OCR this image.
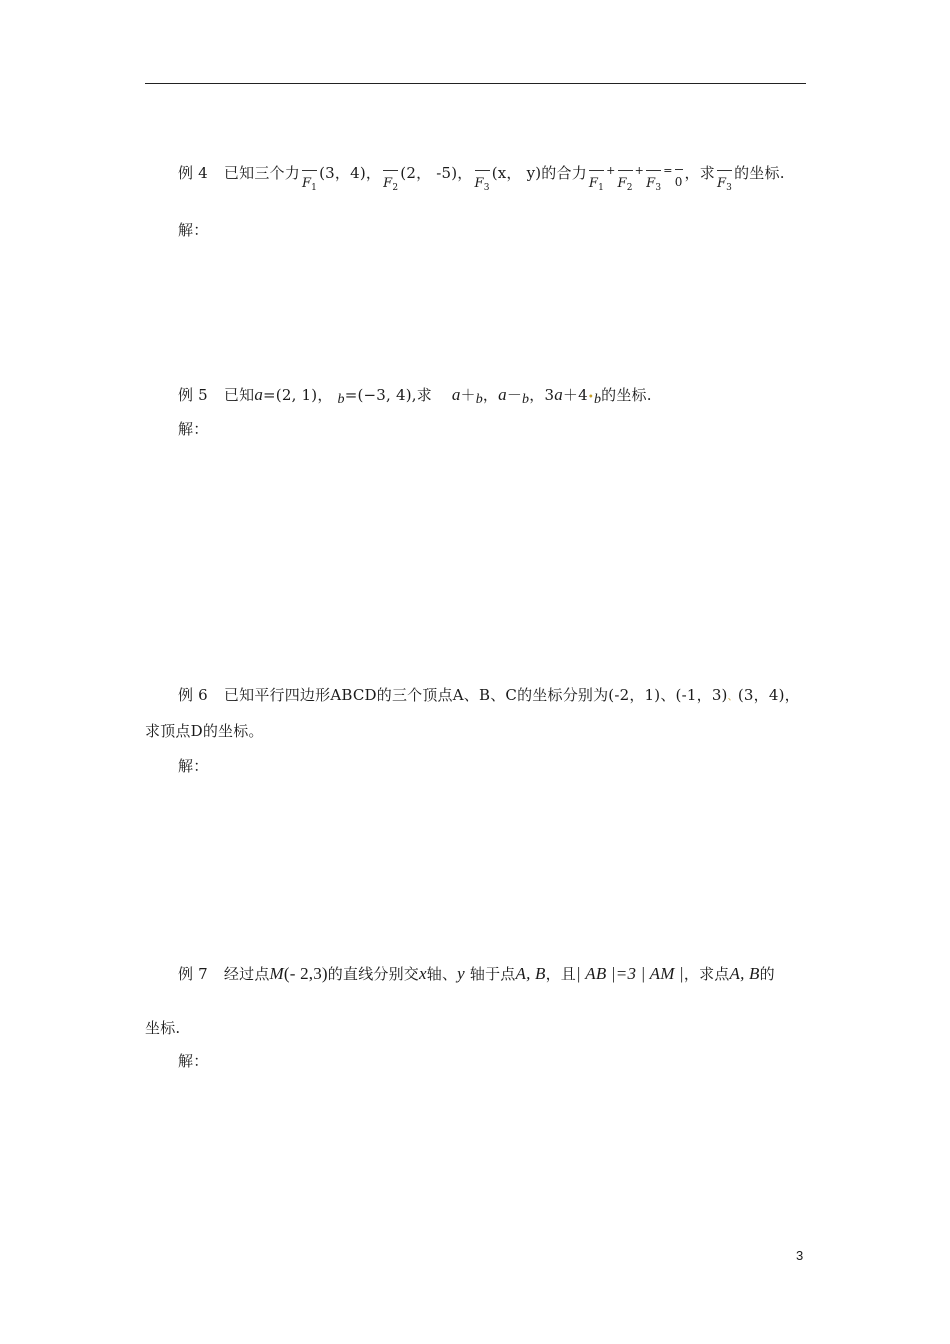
例 4 已知三个力$F_1(3$，4)，$F_2(2$， -5)，$F_3(x$， y)的合力$F_1^+F_2^+F_3^=0$ ，求$F_3$的坐标.
解：
例 5 已知a=(2, 1)， b=(−3, 4),求 a＋b，a－b，3a＋4•b的坐标.
解：
例 6 已知平行四边形ABCD的三个顶点A、B、C的坐标分别为(-2，1)、(-1，3)、(3，4)，
求顶点D的坐标。
解：
例 7 经过点M(- 2,3)的直线分别交x轴、y 轴于点A, B，且| AB |=3 | AM |，求点A, B的
坐标.
解：
3
